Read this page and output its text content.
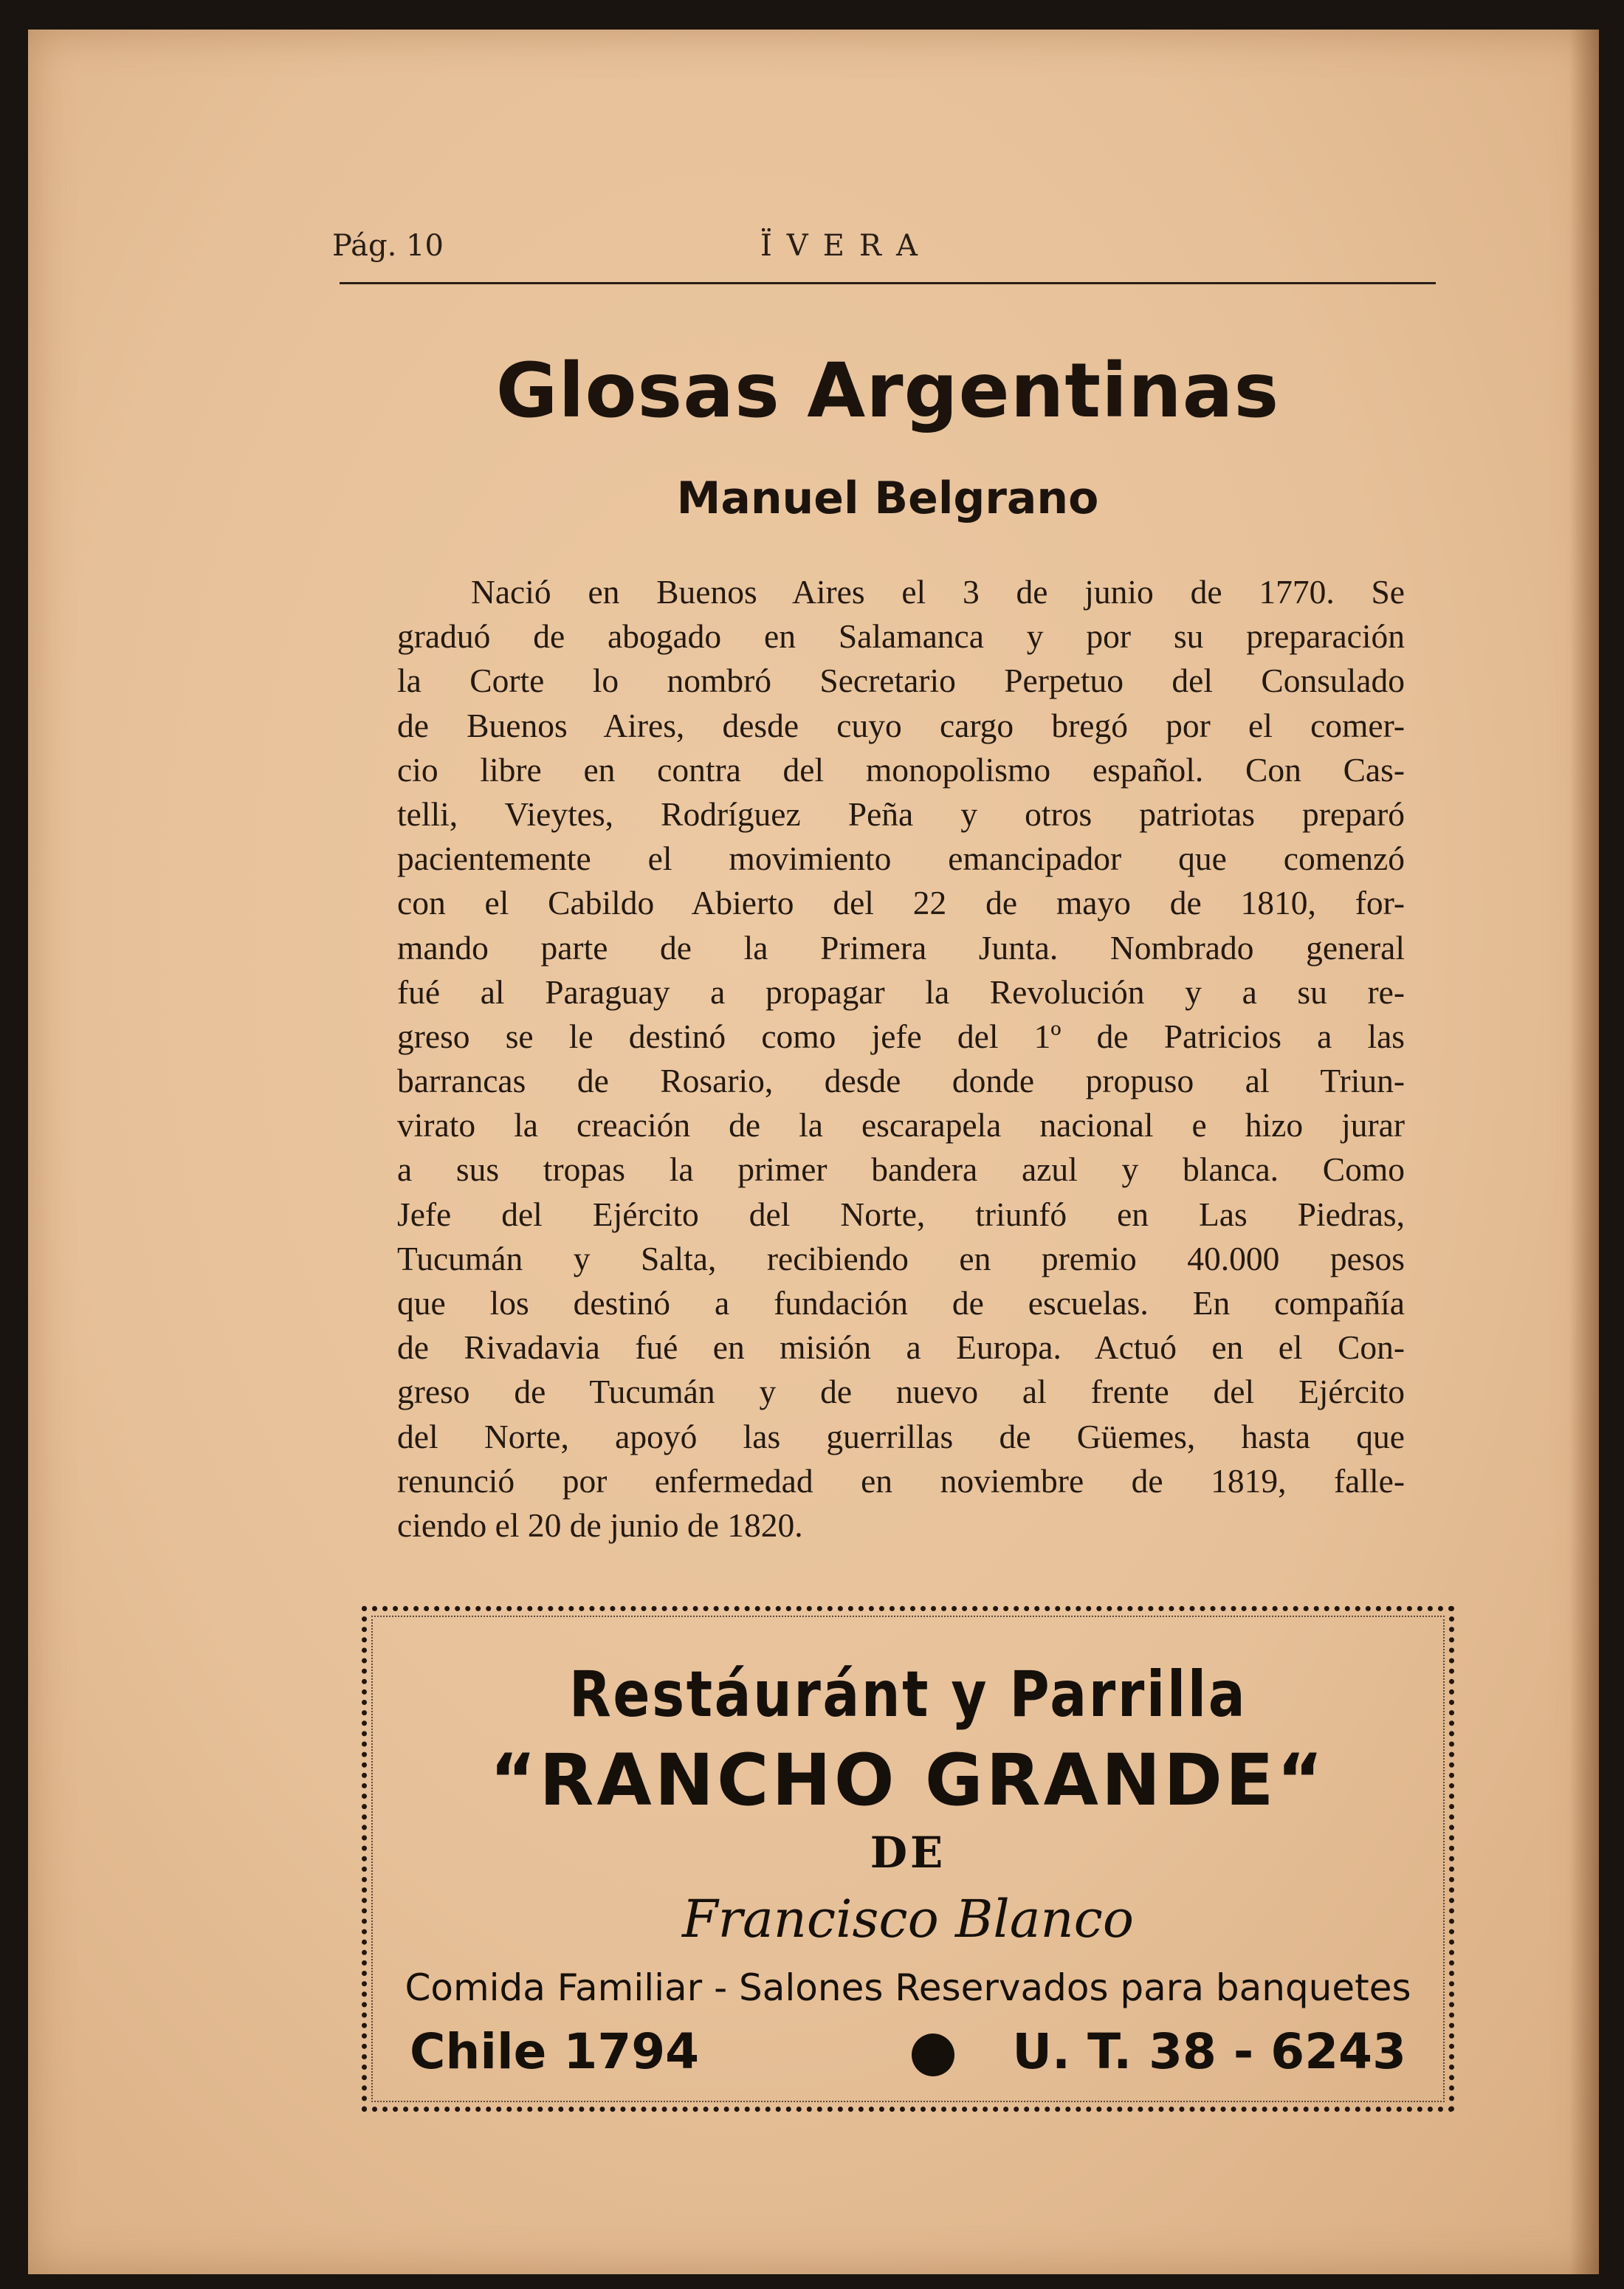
Pág. 10	ÏVERA
Glosas Argentinas
Manuel Belgrano
Nació en Buenos Aires el 3 de junio de 1770. Se
graduó de abogado en Salamanca y por su preparación
la Corte lo nombró Secretario Perpetuo del Consulado
de Buenos Aires, desde cuyo cargo bregó por el comer-
cio libre en contra del monopolismo español. Con Cas-
telli, Vieytes, Rodríguez Peña y otros patriotas preparó
pacientemente el movimiento emancipador que comenzó
con el Cabildo Abierto del 22 de mayo de 1810, for-
mando parte de la Primera Junta. Nombrado general
fué al Paraguay a propagar la Revolución y a su re-
greso se le destinó como jefe del 1º de Patricios a las
barrancas de Rosario, desde donde propuso al Triun-
virato la creación de la escarapela nacional e hizo jurar
a sus tropas la primer bandera azul y blanca. Como
Jefe del Ejército del Norte, triunfó en Las Piedras,
Tucumán y Salta, recibiendo en premio 40.000 pesos
que los destinó a fundación de escuelas. En compañía
de Rivadavia fué en misión a Europa. Actuó en el Con-
greso de Tucumán y de nuevo al frente del Ejército
del Norte, apoyó las guerrillas de Güemes, hasta que
renunció por enfermedad en noviembre de 1819, falle-
ciendo el 20 de junio de 1820.
Restáuránt y Parrilla
“RANCHO GRANDE“
DE
Francisco Blanco
Comida Familiar - Salones Reservados para banquetes
Chile 1794	U. T. 38 - 6243
